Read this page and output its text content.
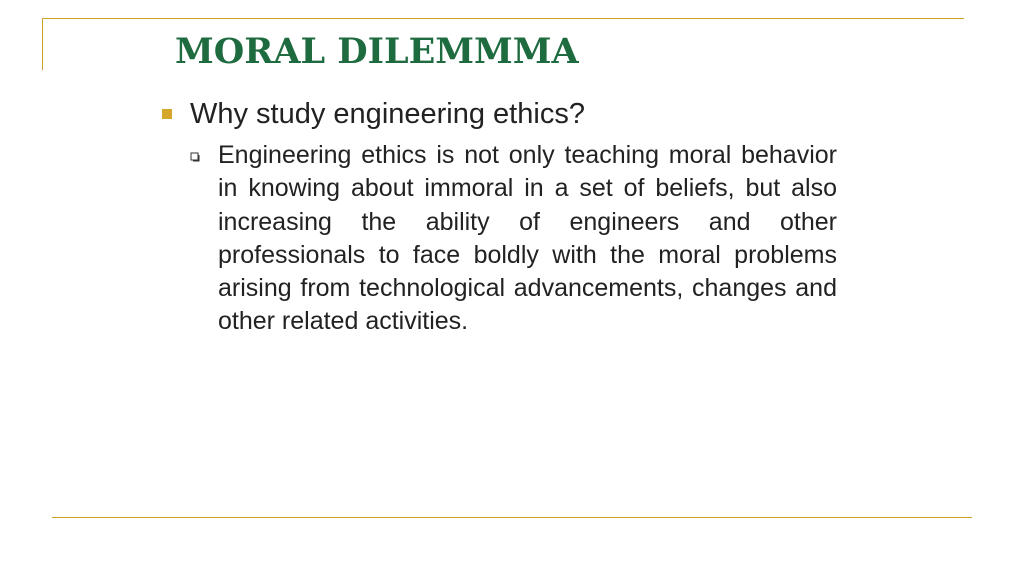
MORAL DILEMMMA
Why study engineering ethics?

Engineering ethics is not only teaching moral behavior in knowing about immoral in a set of beliefs, but also increasing the ability of engineers and other professionals to face boldly with the moral problems arising from technological advancements, changes and other related activities.
